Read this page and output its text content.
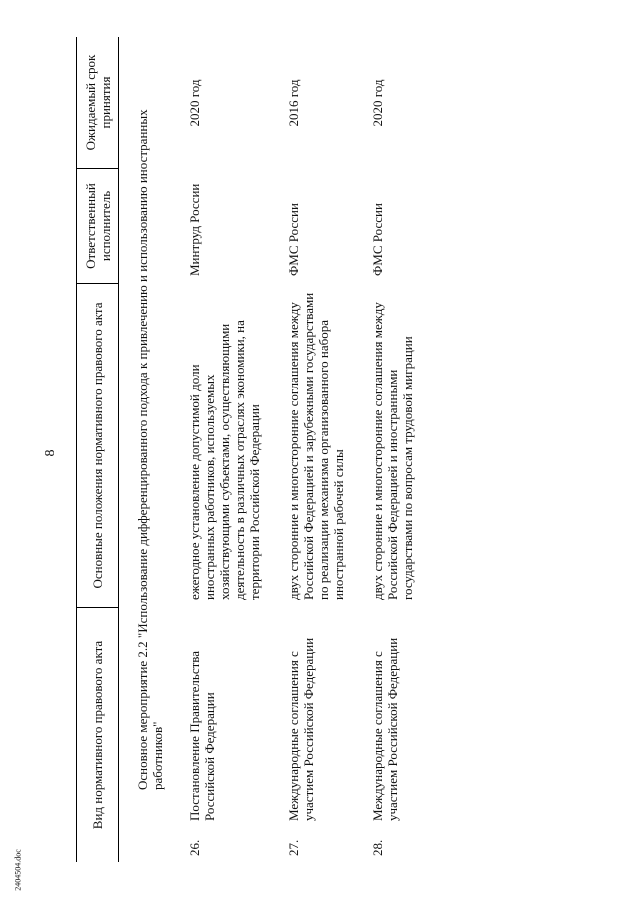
8
2404504.doc
Вид нормативного правового акта
Основные положения нормативного правового акта
Ответственный исполнитель
Ожидаемый срок принятия
Основное мероприятие 2.2 "Использование дифференцированного подхода к привлечению и использованию иностранных работников"
26.
Постановление Правительства Российской Федерации
ежегодное установление допустимой доли иностранных работников, используемых хозяйствующими субъектами, осуществляющими деятельность в различных отраслях экономики, на территории Российской Федерации
Минтруд России
2020 год
27.
Международные соглашения с участием Российской Федерации
двух сторонние и многосторонние соглашения между Российской Федерацией и зарубежными государствами по реализации механизма организованного набора иностранной рабочей силы
ФМС России
2016 год
28.
Международные соглашения с участием Российской Федерации
двух сторонние и многосторонние соглашения между Российской Федерацией и иностранными государствами по вопросам трудовой миграции
ФМС России
2020 год
